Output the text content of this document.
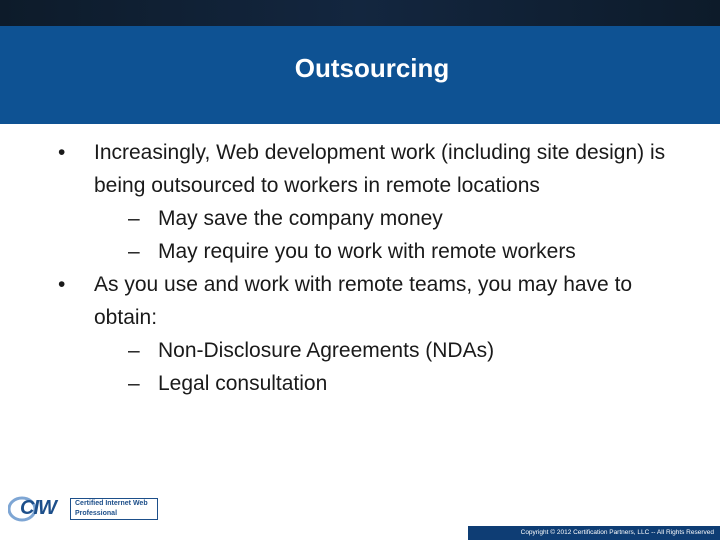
Outsourcing
• Increasingly, Web development work (including site design) is being outsourced to workers in remote locations
– May save the company money
– May require you to work with remote workers
• As you use and work with remote teams, you may have to obtain:
– Non-Disclosure Agreements (NDAs)
– Legal consultation
CIW	Certified Internet Web Professional
Copyright © 2012 Certification Partners, LLC -- All Rights Reserved
